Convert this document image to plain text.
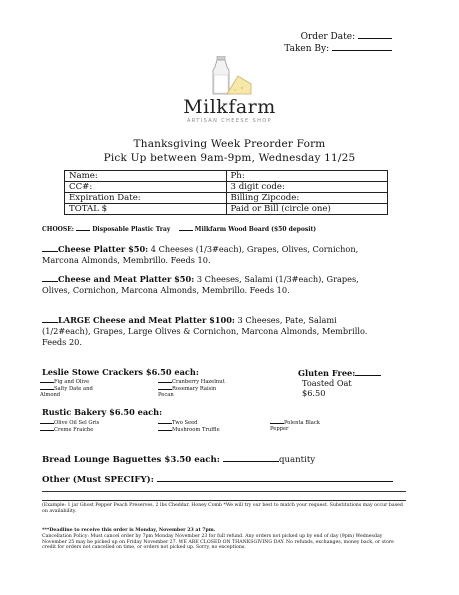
Order Date:
Taken By:
Milkfarm
ARTISAN CHEESE SHOP
Thanksgiving Week Preorder Form
Pick Up between 9am-9pm, Wednesday 11/25
Name:	Ph:
CC#:	3 digit code:
Expiration Date:	Billing Zipcode:
TOTAL $	Paid or Bill (circle one)
CHOOSE:	Disposable Plastic Tray	Milkfarm Wood Board ($50 deposit)
Cheese Platter $50: 4 Cheeses (1/3#each), Grapes, Olives, Cornichon, Marcona Almonds, Membrillo. Feeds 10.
Cheese and Meat Platter $50: 3 Cheeses, Salami (1/3#each), Grapes, Olives, Cornichon, Marcona Almonds, Membrillo. Feeds 10.
LARGE Cheese and Meat Platter $100: 3 Cheeses, Pate, Salami (1/2#each), Grapes, Large Olives & Cornichon, Marcona Almonds, Membrillo. Feeds 20.
Leslie Stowe Crackers $6.50 each:
Fig and Olive	Cranberry Hazelnut
Salty Date and Almond
Rosemary Raisin Pecan
Gluten Free:
Toasted Oat
$6.50
Rustic Bakery $6.50 each:
Olive Oil Sel Gris	Two Seed	Polenta Black Pepper
Creme Fraiche	Mushroom Truffle
Bread Lounge Baguettes $3.50 each:	quantity
Other (Must SPECIFY):
(Example: 1 jar Ghost Pepper Peach Preserves, 2 lbs Cheddar, Honey Comb *We will try our best to match your request. Substitutions may occur based on availability.
***Deadline to receive this order is Monday, November 23 at 7pm.
Cancellation Policy: Must cancel order by 7pm Monday November 23 for full refund. Any orders not picked up by end of day (9pm) Wednesday November 25 may be picked up on Friday November 27. WE ARE CLOSED ON THANKSGIVING DAY. No refunds, exchanges, money back, or store credit for orders not cancelled on time, or orders not picked up. Sorry, no exceptions.
